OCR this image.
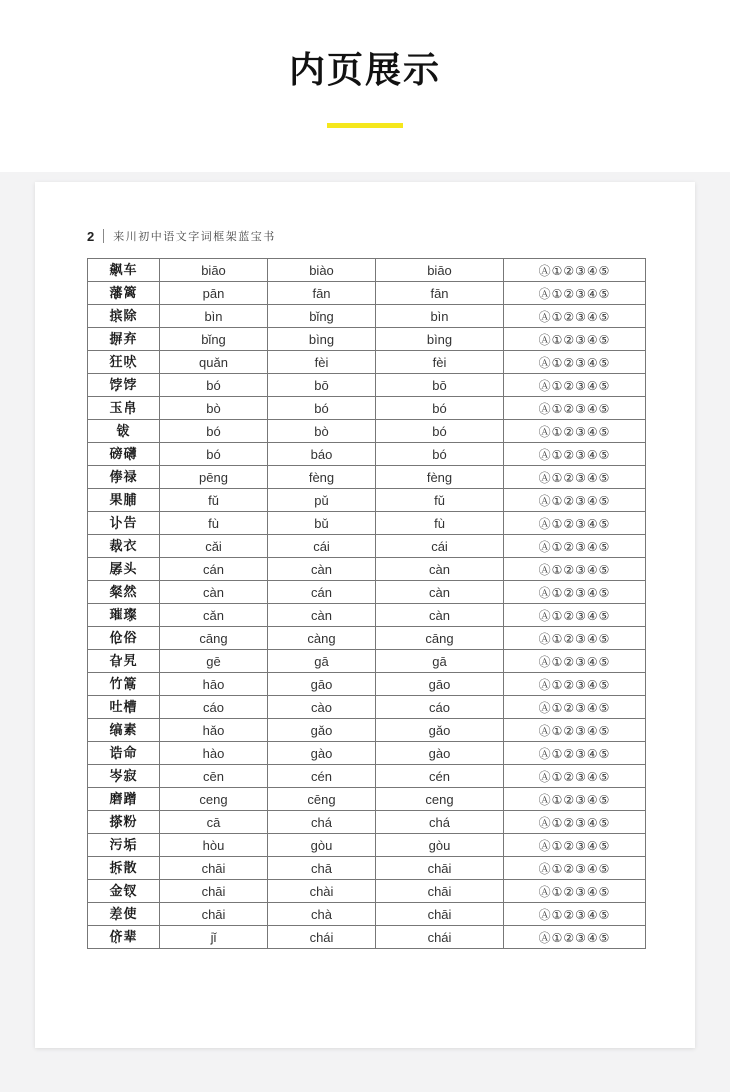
内页展示
2 来川初中语文字词框架蓝宝书
飙车	biāo	biào	biāo	Ⓐ①②③④⑤
藩篱	pān	fān	fān	Ⓐ①②③④⑤
摈除	bìn	bǐng	bìn	Ⓐ①②③④⑤
摒弃	bǐng	bìng	bìng	Ⓐ①②③④⑤
狂吠	quǎn	fèi	fèi	Ⓐ①②③④⑤
饽饽	bó	bō	bō	Ⓐ①②③④⑤
玉帛	bò	bó	bó	Ⓐ①②③④⑤
钹	bó	bò	bó	Ⓐ①②③④⑤
磅礴	bó	báo	bó	Ⓐ①②③④⑤
俸禄	pēng	fèng	fèng	Ⓐ①②③④⑤
果脯	fǔ	pǔ	fǔ	Ⓐ①②③④⑤
讣告	fù	bǔ	fù	Ⓐ①②③④⑤
裁衣	cǎi	cái	cái	Ⓐ①②③④⑤
孱头	cán	càn	càn	Ⓐ①②③④⑤
粲然	càn	cán	càn	Ⓐ①②③④⑤
璀璨	cǎn	càn	càn	Ⓐ①②③④⑤
伧俗	cāng	càng	cāng	Ⓐ①②③④⑤
旮旯	gē	gā	gā	Ⓐ①②③④⑤
竹篙	hāo	gāo	gāo	Ⓐ①②③④⑤
吐槽	cáo	cào	cáo	Ⓐ①②③④⑤
缟素	hǎo	gǎo	gǎo	Ⓐ①②③④⑤
诰命	hào	gào	gào	Ⓐ①②③④⑤
岑寂	cēn	cén	cén	Ⓐ①②③④⑤
磨蹭	ceng	cēng	ceng	Ⓐ①②③④⑤
搽粉	cā	chá	chá	Ⓐ①②③④⑤
污垢	hòu	gòu	gòu	Ⓐ①②③④⑤
拆散	chāi	chā	chāi	Ⓐ①②③④⑤
金钗	chāi	chài	chāi	Ⓐ①②③④⑤
差使	chāi	chà	chāi	Ⓐ①②③④⑤
侪辈	jǐ	chái	chái	Ⓐ①②③④⑤
